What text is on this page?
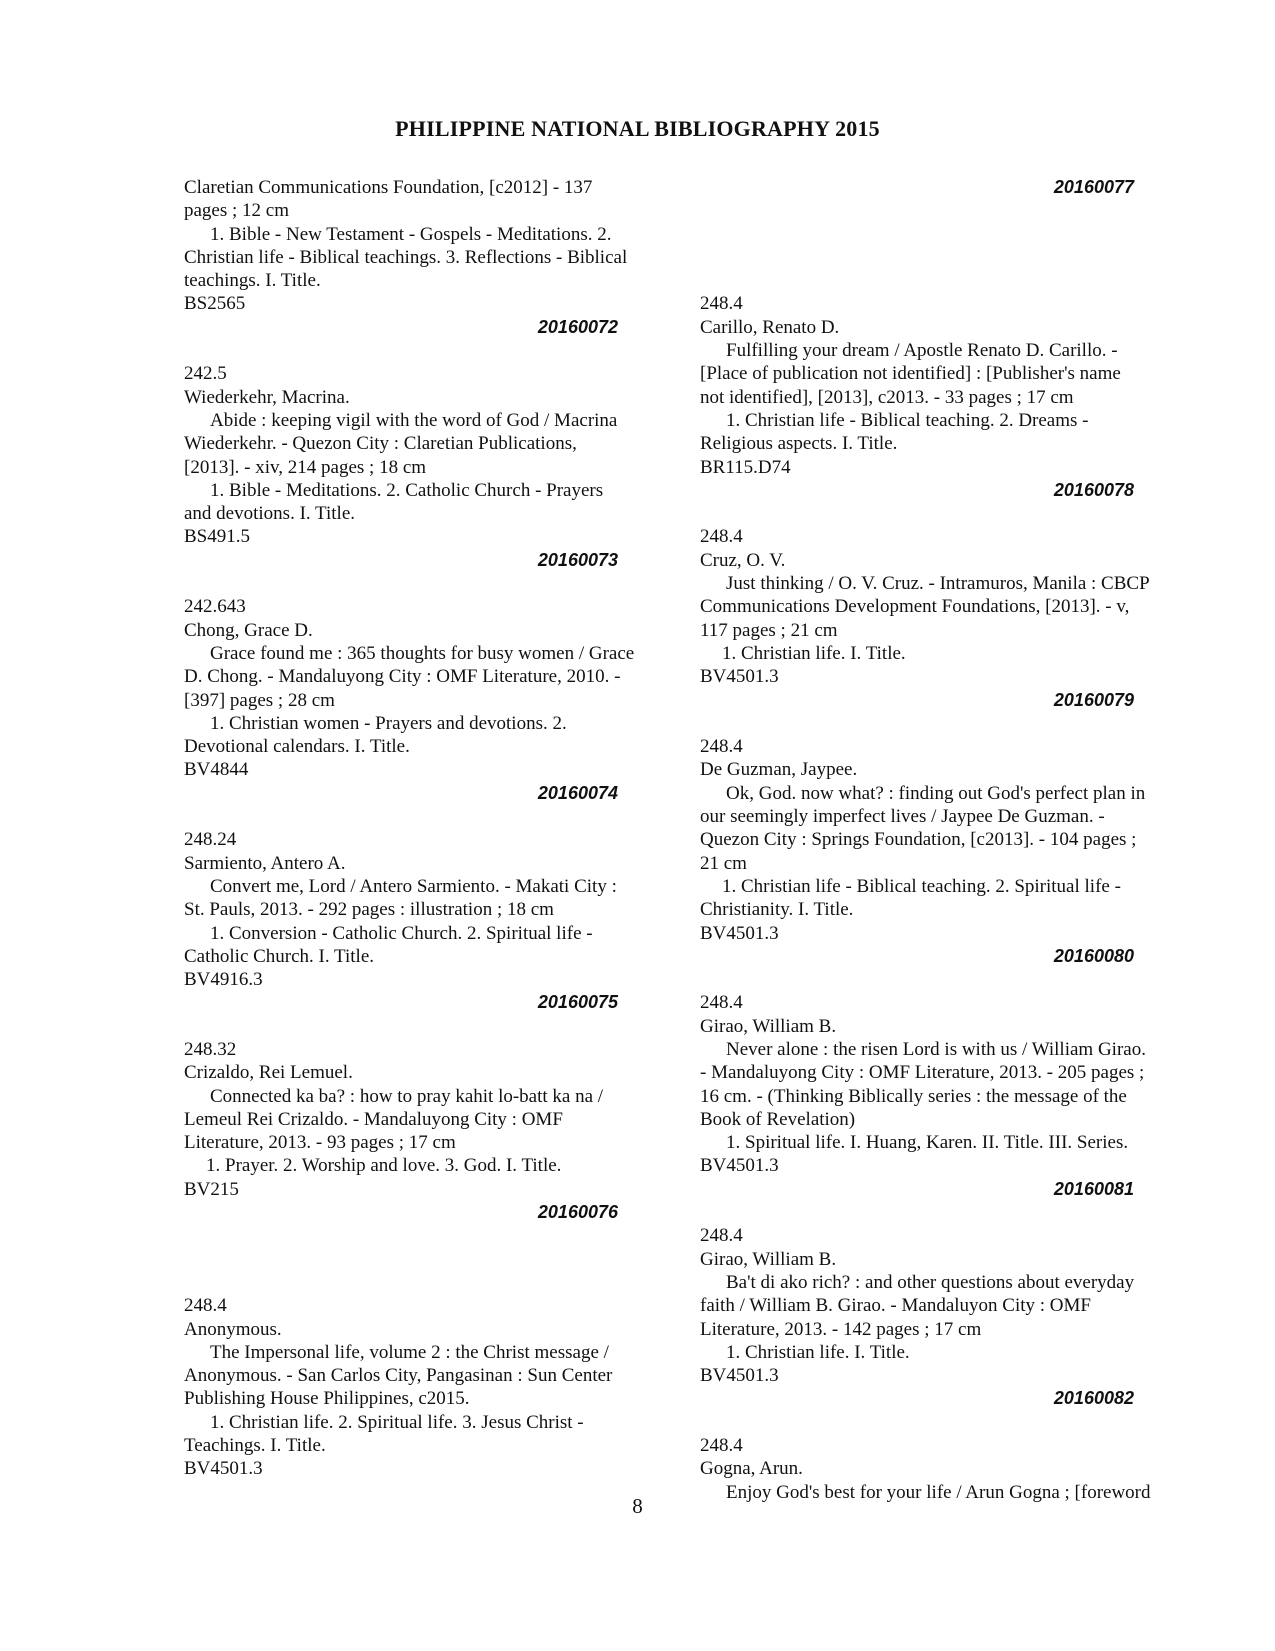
PHILIPPINE NATIONAL BIBLIOGRAPHY 2015
Claretian Communications Foundation, [c2012] - 137
pages ; 12 cm
1. Bible - New Testament - Gospels - Meditations. 2.
Christian life - Biblical teachings. 3. Reflections - Biblical
teachings. I. Title.
BS2565
20160072
242.5
Wiederkehr, Macrina.
Abide : keeping vigil with the word of God / Macrina
Wiederkehr. - Quezon City : Claretian Publications,
[2013]. - xiv, 214 pages ; 18 cm
1. Bible - Meditations. 2. Catholic Church - Prayers
and devotions. I. Title.
BS491.5
20160073
242.643
Chong, Grace D.
Grace found me : 365 thoughts for busy women / Grace
D. Chong. - Mandaluyong City : OMF Literature, 2010. -
[397] pages ; 28 cm
1. Christian women - Prayers and devotions. 2.
Devotional calendars. I. Title.
BV4844
20160074
248.24
Sarmiento, Antero A.
Convert me, Lord / Antero Sarmiento. - Makati City :
St. Pauls, 2013. - 292 pages : illustration ; 18 cm
1. Conversion - Catholic Church. 2. Spiritual life -
Catholic Church. I. Title.
BV4916.3
20160075
248.32
Crizaldo, Rei Lemuel.
Connected ka ba? : how to pray kahit lo-batt ka na /
Lemeul Rei Crizaldo. - Mandaluyong City : OMF
Literature, 2013. - 93 pages ; 17 cm
1. Prayer. 2. Worship and love. 3. God. I. Title.
BV215
20160076
248.4
Anonymous.
The Impersonal life, volume 2 : the Christ message /
Anonymous. - San Carlos City, Pangasinan : Sun Center
Publishing House Philippines, c2015.
1. Christian life. 2. Spiritual life. 3. Jesus Christ -
Teachings. I. Title.
BV4501.3
20160077
248.4
Carillo, Renato D.
Fulfilling your dream / Apostle Renato D. Carillo. -
[Place of publication not identified] : [Publisher's name
not identified], [2013], c2013. - 33 pages ; 17 cm
1. Christian life - Biblical teaching. 2. Dreams -
Religious aspects. I. Title.
BR115.D74
20160078
248.4
Cruz, O. V.
Just thinking / O. V. Cruz. - Intramuros, Manila : CBCP
Communications Development Foundations, [2013]. - v,
117 pages ; 21 cm
1. Christian life. I. Title.
BV4501.3
20160079
248.4
De Guzman, Jaypee.
Ok, God. now what? : finding out God's perfect plan in
our seemingly imperfect lives / Jaypee De Guzman. -
Quezon City : Springs Foundation, [c2013]. - 104 pages ;
21 cm
1. Christian life - Biblical teaching. 2. Spiritual life -
Christianity. I. Title.
BV4501.3
20160080
248.4
Girao, William B.
Never alone : the risen Lord is with us / William Girao.
- Mandaluyong City : OMF Literature, 2013. - 205 pages ;
16 cm. - (Thinking Biblically series : the message of the
Book of Revelation)
1. Spiritual life. I. Huang, Karen. II. Title. III. Series.
BV4501.3
20160081
248.4
Girao, William B.
Ba't di ako rich? : and other questions about everyday
faith / William B. Girao. - Mandaluyon City : OMF
Literature, 2013. - 142 pages ; 17 cm
1. Christian life. I. Title.
BV4501.3
20160082
248.4
Gogna, Arun.
Enjoy God's best for your life / Arun Gogna ; [foreword
8
